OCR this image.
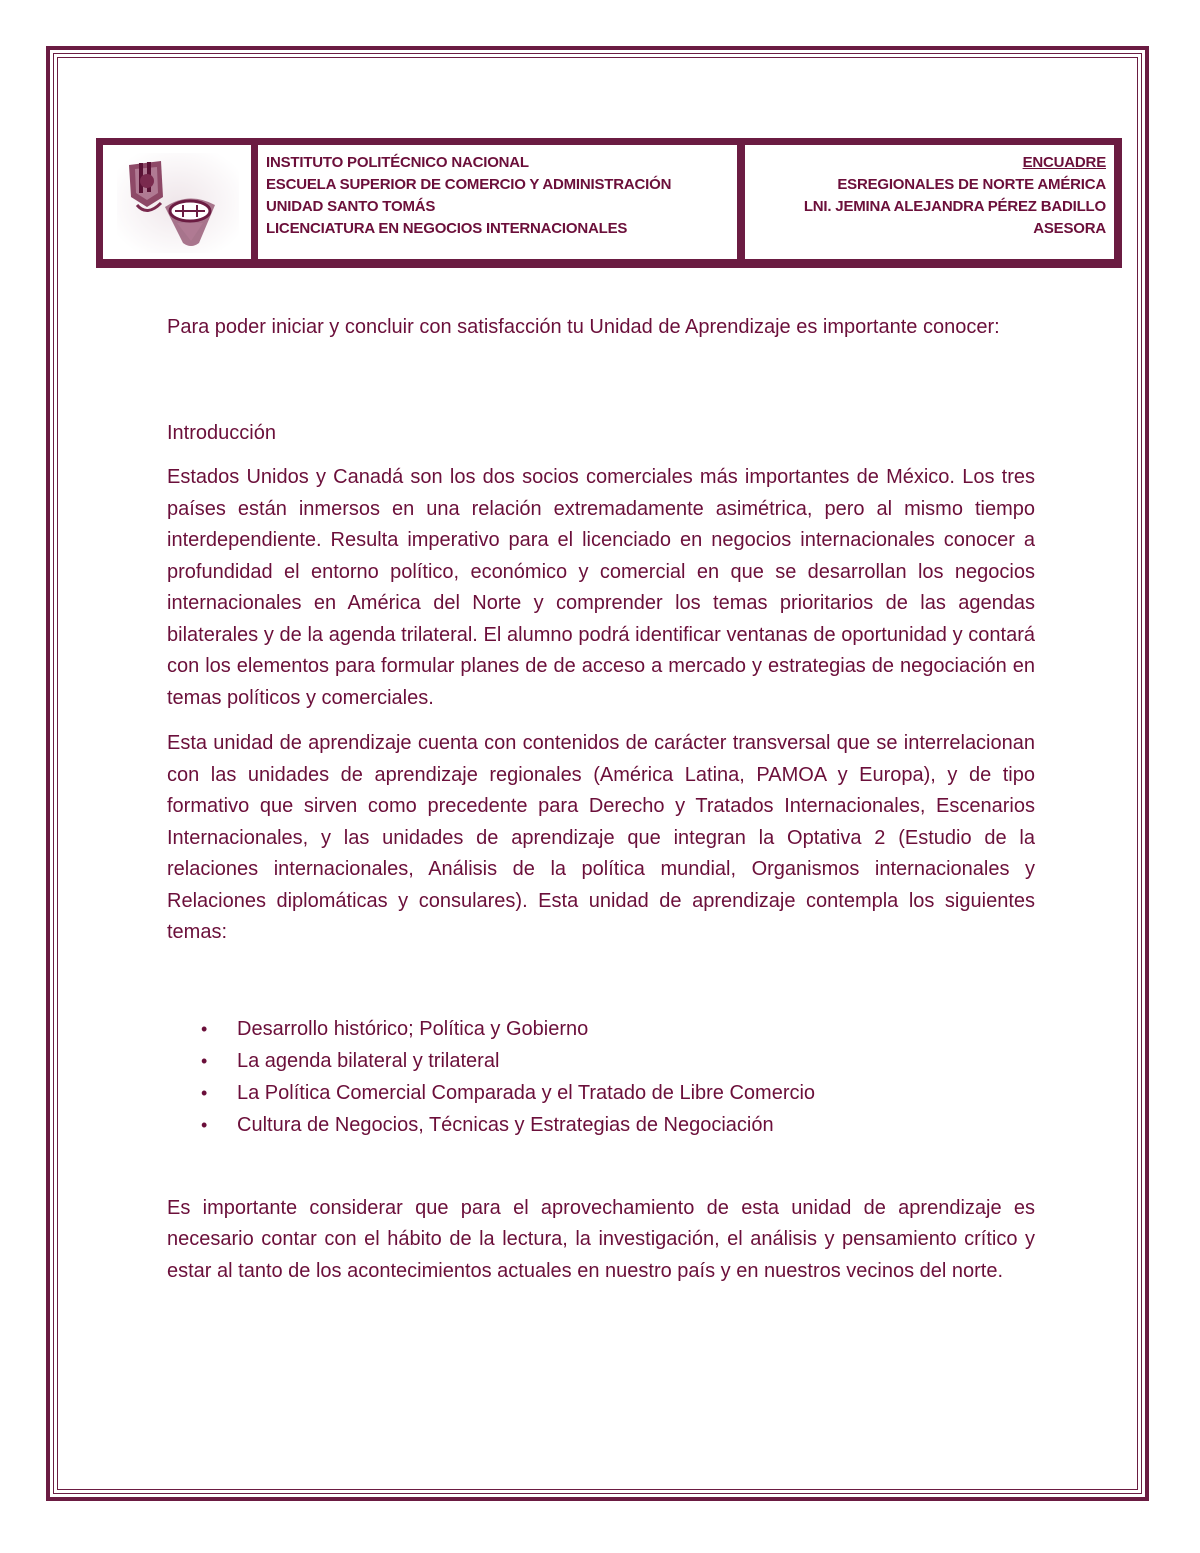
INSTITUTO POLITÉCNICO NACIONAL
ESCUELA SUPERIOR DE COMERCIO Y ADMINISTRACIÓN
UNIDAD SANTO TOMÁS
LICENCIATURA EN NEGOCIOS INTERNACIONALES
ENCUADRE
ESREGIONALES DE NORTE AMÉRICA
LNI. JEMINA ALEJANDRA PÉREZ BADILLO
ASESORA

Para poder iniciar y concluir con satisfacción tu Unidad de Aprendizaje es importante conocer:

Introducción

Estados Unidos y Canadá son los dos socios comerciales más importantes de México. Los tres países están inmersos en una relación extremadamente asimétrica, pero al mismo tiempo interdependiente. Resulta imperativo para el licenciado en negocios internacionales conocer a profundidad el entorno político, económico y comercial en que se desarrollan los negocios internacionales en América del Norte y comprender los temas prioritarios de las agendas bilaterales y de la agenda trilateral. El alumno podrá identificar ventanas de oportunidad y contará con los elementos para formular planes de de acceso a mercado y estrategias de negociación en temas políticos y comerciales.

Esta unidad de aprendizaje cuenta con contenidos de carácter transversal que se interrelacionan con las unidades de aprendizaje regionales (América Latina, PAMOA y Europa), y de tipo formativo que sirven como precedente para Derecho y Tratados Internacionales, Escenarios Internacionales, y las unidades de aprendizaje que integran la Optativa 2 (Estudio de la relaciones internacionales, Análisis de la política mundial, Organismos internacionales y Relaciones diplomáticas y consulares). Esta unidad de aprendizaje contempla los siguientes temas:

• Desarrollo histórico; Política y Gobierno
• La agenda bilateral y trilateral
• La Política Comercial Comparada y el Tratado de Libre Comercio
• Cultura de Negocios, Técnicas y Estrategias de Negociación

Es importante considerar que para el aprovechamiento de esta unidad de aprendizaje es necesario contar con el hábito de la lectura, la investigación, el análisis y pensamiento crítico y estar al tanto de los acontecimientos actuales en nuestro país y en nuestros vecinos del norte.
